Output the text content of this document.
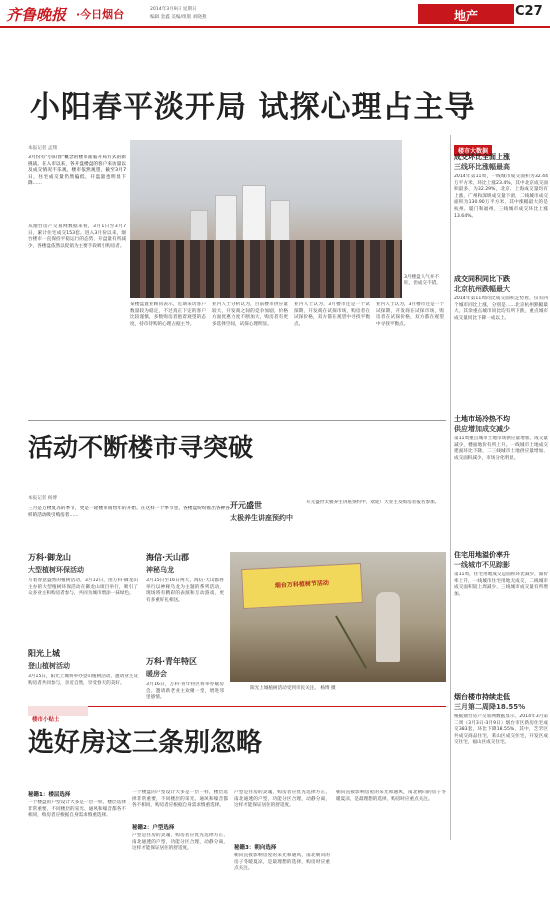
齐鲁晚报 ·今日烟台	2014年3月9日 星期日
编辑 金鑫 美编/组版 刘晓燕	地产	C27
小阳春平淡开局 试探心理占主导
本报记者 孟翔
3月份有"小阳春"概念的楼市面临开局方式的新挑战。在入市以来，各开盘楼盘的客户来访量以及成交情况不乐观，楼市依然观望，截至3月7日，住宅成交量仍然偏低，开盘量也明显下降……
从烟台房产交易网数据来看，3月1日至3月7日，累计住宅成交153套。进入3月份以来，烟台楼市一直保持平稳运行的态势，开盘量有所减少，各楼盘依然以促销为主要手段吸引购房者。
3月楼盘人气并不旺，但成交不错。
某楼盘置业顾问表示，近期来访客户数量较为稳定，不过真正下定的客户比较谨慎，多数购房者抱着观望的态度，持币待购的心理占据主导。
业内人士分析认为，目前楼市供应量较大，开发商之间的竞争加剧，价格方面优惠力度不断加大，购房者有更多选择空间，试探心理明显。
业内人士认为，3月楼市还是一个试探期，开发商在试探市场，购房者在试探价格，双方都在观望中寻找平衡点。
业内人士认为，3月楼市还是一个试探期，开发商在试探市场，购房者在试探价格，双方都在观望中寻找平衡点。
楼市大数据
成交环比全面上涨
三线环比涨幅最高
2014年第11周，一线城市成交面积为32.44万平方米，环比上涨23.4%，其中北京成交面积最多，为32.29%，北京、上海成交量均有上涨，广州和深圳成交量下滑，二线城市成交面积为130.90万平方米，其中涨幅最大的是杭州、厦门和福州，三线城市成交环比上涨13.64%。
成交同积同比下跌
北京杭州跌幅最大
2014年第11周同比成交面积走势看，仅有四个城市同比上涨，分别是……北京杭州跌幅最大。其余重点城市同比均有所下跌，重点城市成交量同比下降一成以上。
土地市场冷热不均
供应增加成交减少
第11周重点城市土地市场供应量增加，成交量减少，楼面地价有所上升。一线城市土地成交建面环比下降，二三线城市土地供应量增加，成交面积减少，市场分化明显。
住宅用地溢价率升
一线城市不见踪影
第11周，住宅用地成交总面积环比减少，溢价率上升，一线城市住宅用地无成交，二线城市成交面积较上周减少，三线城市成交量有所增加。
烟台楼市持续走低
三月第二周降18.55%
根据烟台房产交易网数据显示，2014年3月第二周（3月3日-3月9日）烟台市区新房住宅成交383套，环比下降18.55%，其中，芝罘区共成交商品住宅，莱山区成交住宅，开发区成交住宅，福山区成交住宅。
活动不断楼市寻突破
本报记者 杨博
三月是万物复苏的季节，更是一轮楼市销售年的开始。在这样一个季节里，各楼盘纷纷推出各种各样的活动吸引购房者……
万科·御龙山
大型植树环保活动
写着春意盎然的植树活动，3月12日，由万科·御龙山主办的大型植树环保活动在御龙山项目举行，吸引了众多业主和购房者参与，共同为城市增添一抹绿色。
阳光上城
登山植树活动
3月15日，阳光上城将举办登山植树活动，邀请业主及购房者共同参与，亲近自然，享受春天的美好。
海信·天山郡
神秘乌龙
3月15日至16日两天，海信·天山郡将举行以神秘乌龙为主题的系列活动，现场将有精彩的表演和互动游戏，更有多重好礼相送。
万科·青年特区
暖房会
3月16日，万科·青年特区将举办暖房会，邀请新老业主欢聚一堂，增进邻里感情。
开元盛世
太极养生讲座预约中
开元盛世太极养生讲座预约中，欢迎广大业主及购房者报名参加。
烟台万科植树节活动
阳光上城植树活动受到市民关注。 杨博 摄
楼市小贴士
选好房这三条别忽略
秘籍1：楼层选择
一个楼盘的户型设计大多是一层一样，楼层选择非常重要，不同楼层的采光、通风和噪音都各不相同，购房者应根据自身需求慎重选择。
一个楼盘的户型设计大多是一层一样，楼层选择非常重要，不同楼层的采光、通风和噪音都各不相同，购房者应根据自身需求慎重选择。
秘籍2：户型选择
户型是住房的灵魂，购房者应优先选择方正、南北通透的户型，功能分区合理，动静分离，这样才能保证居住的舒适度。
户型是住房的灵魂，购房者应优先选择方正、南北通透的户型，功能分区合理，动静分离，这样才能保证居住的舒适度。
秘籍3：朝向选择
朝向直接影响房屋的采光和通风，南北朝向的房子冬暖夏凉，是最理想的选择，购房时应重点关注。
朝向直接影响房屋的采光和通风，南北朝向的房子冬暖夏凉，是最理想的选择，购房时应重点关注。
